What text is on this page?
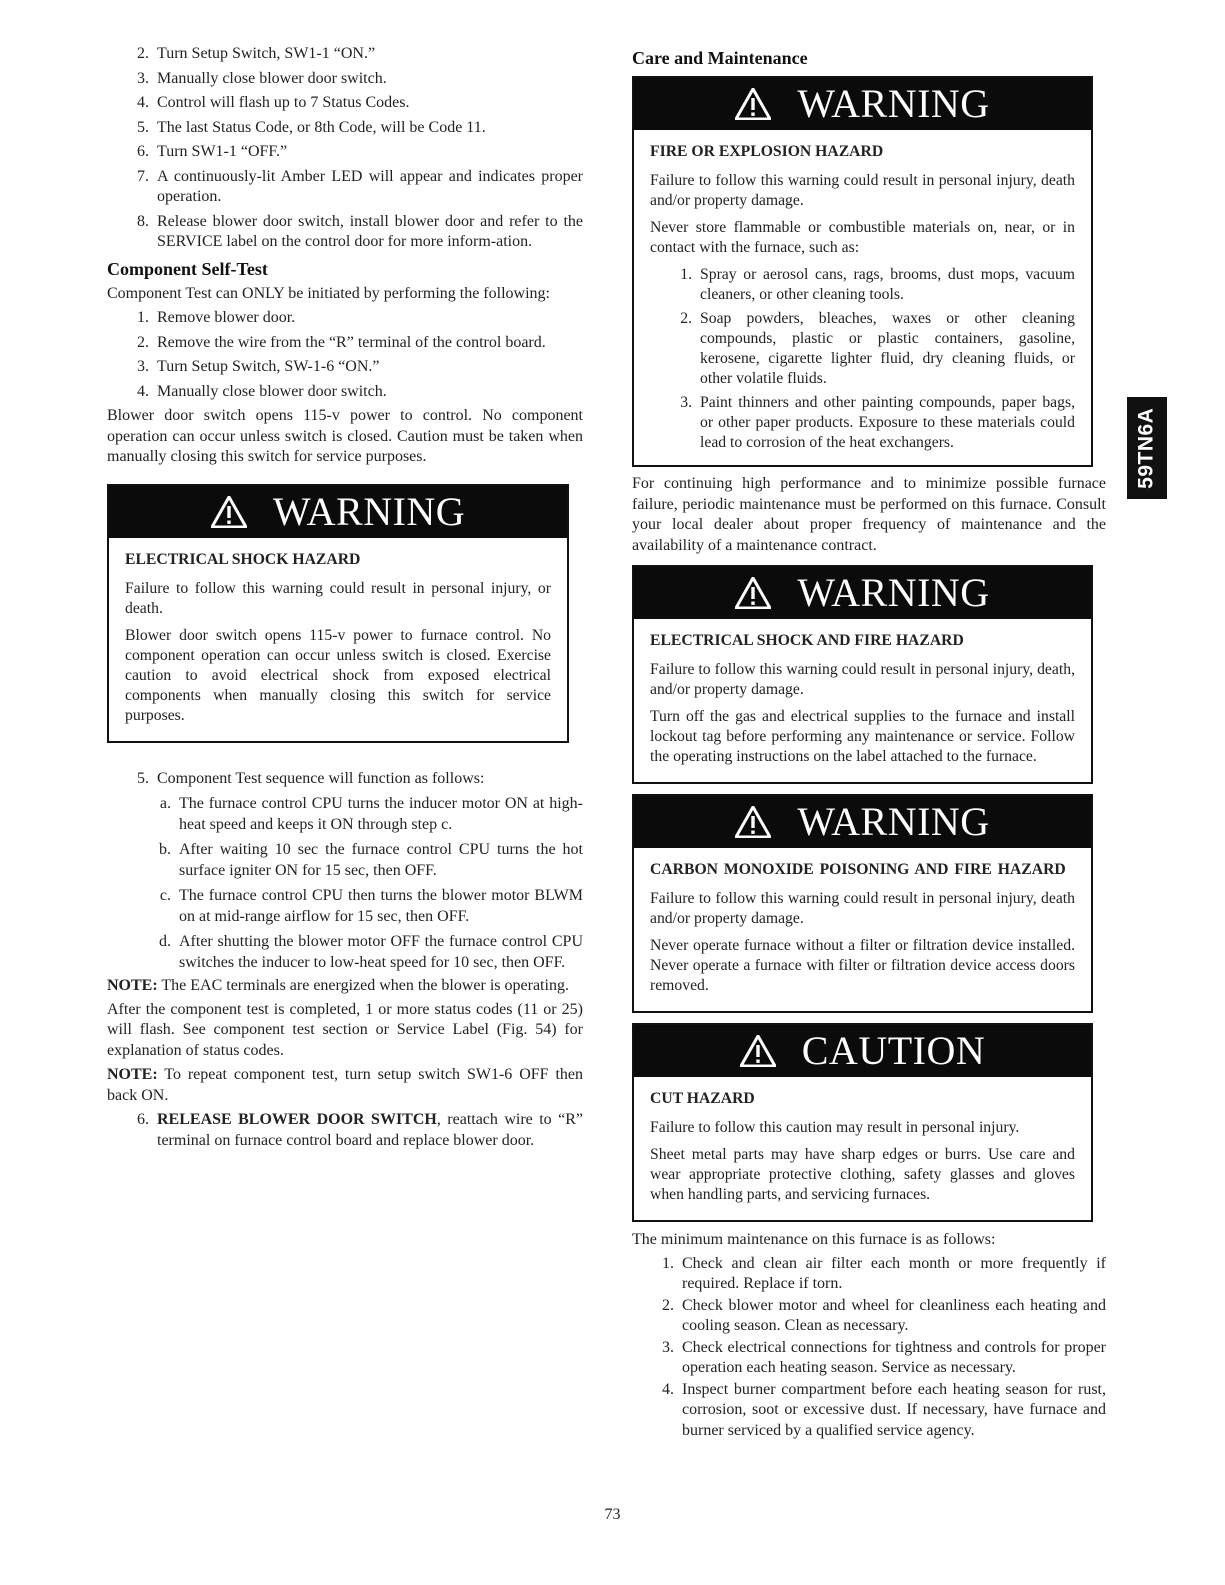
2. Turn Setup Switch, SW1-1 “ON.”
3. Manually close blower door switch.
4. Control will flash up to 7 Status Codes.
5. The last Status Code, or 8th Code, will be Code 11.
6. Turn SW1-1 “OFF.”
7. A continuously-lit Amber LED will appear and indicates proper operation.
8. Release blower door switch, install blower door and refer to the SERVICE label on the control door for more inform-ation.
Component Self-Test

Component Test can ONLY be initiated by performing the following:

1. Remove blower door.
2. Remove the wire from the “R” terminal of the control board.
3. Turn Setup Switch, SW-1-6 “ON.”
4. Manually close blower door switch.

Blower door switch opens 115-v power to control. No component operation can occur unless switch is closed. Caution must be taken when manually closing this switch for service purposes.

WARNING
ELECTRICAL SHOCK HAZARD

Failure to follow this warning could result in personal injury, or death.

Blower door switch opens 115-v power to furnace control. No component operation can occur unless switch is closed. Exercise caution to avoid electrical shock from exposed electrical components when manually closing this switch for service purposes.

5. Component Test sequence will function as follows:
a. The furnace control CPU turns the inducer motor ON at high-heat speed and keeps it ON through step c.
b. After waiting 10 sec the furnace control CPU turns the hot surface igniter ON for 15 sec, then OFF.
c. The furnace control CPU then turns the blower motor BLWM on at mid-range airflow for 15 sec, then OFF.
d. After shutting the blower motor OFF the furnace control CPU switches the inducer to low-heat speed for 10 sec, then OFF.

NOTE: The EAC terminals are energized when the blower is operating.

After the component test is completed, 1 or more status codes (11 or 25) will flash. See component test section or Service Label (Fig. 54) for explanation of status codes.

NOTE: To repeat component test, turn setup switch SW1-6 OFF then back ON.

6. RELEASE BLOWER DOOR SWITCH, reattach wire to “R” terminal on furnace control board and replace blower door.
Care and Maintenance
WARNING
FIRE OR EXPLOSION HAZARD

Failure to follow this warning could result in personal injury, death and/or property damage.

Never store flammable or combustible materials on, near, or in contact with the furnace, such as:

1. Spray or aerosol cans, rags, brooms, dust mops, vacuum cleaners, or other cleaning tools.
2. Soap powders, bleaches, waxes or other cleaning compounds, plastic or plastic containers, gasoline, kerosene, cigarette lighter fluid, dry cleaning fluids, or other volatile fluids.
3. Paint thinners and other painting compounds, paper bags, or other paper products. Exposure to these materials could lead to corrosion of the heat exchangers.

For continuing high performance and to minimize possible furnace failure, periodic maintenance must be performed on this furnace. Consult your local dealer about proper frequency of maintenance and the availability of a maintenance contract.

WARNING
ELECTRICAL SHOCK AND FIRE HAZARD

Failure to follow this warning could result in personal injury, death, and/or property damage.

Turn off the gas and electrical supplies to the furnace and install lockout tag before performing any maintenance or service. Follow the operating instructions on the label attached to the furnace.

WARNING
CARBON MONOXIDE POISONING AND FIRE HAZARD

Failure to follow this warning could result in personal injury, death and/or property damage.

Never operate furnace without a filter or filtration device installed. Never operate a furnace with filter or filtration device access doors removed.

CAUTION
CUT HAZARD

Failure to follow this caution may result in personal injury.

Sheet metal parts may have sharp edges or burrs. Use care and wear appropriate protective clothing, safety glasses and gloves when handling parts, and servicing furnaces.

The minimum maintenance on this furnace is as follows:

1. Check and clean air filter each month or more frequently if required. Replace if torn.
2. Check blower motor and wheel for cleanliness each heating and cooling season. Clean as necessary.
3. Check electrical connections for tightness and controls for proper operation each heating season. Service as necessary.
4. Inspect burner compartment before each heating season for rust, corrosion, soot or excessive dust. If necessary, have furnace and burner serviced by a qualified service agency.
59TN6A
73
